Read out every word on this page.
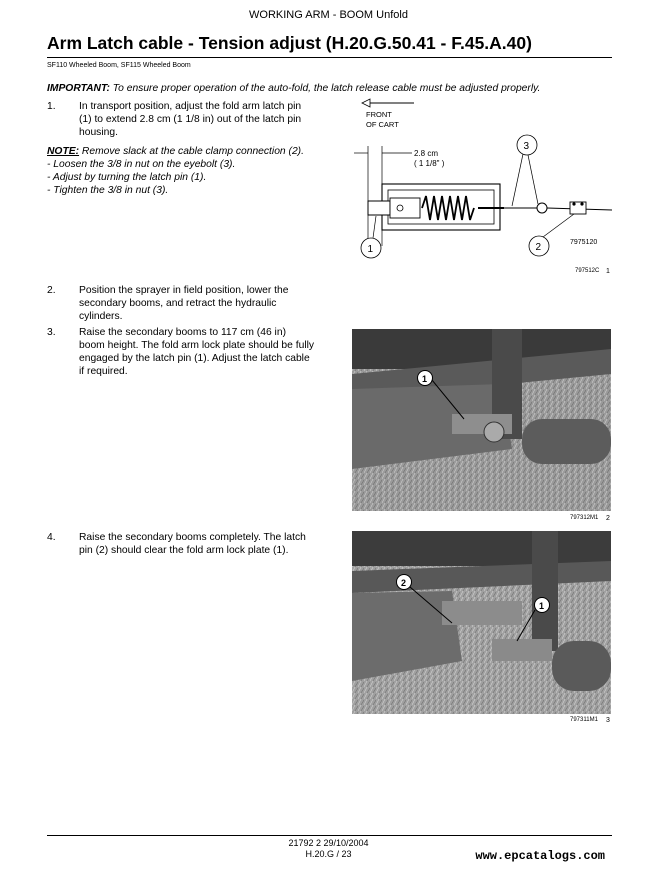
WORKING ARM - BOOM Unfold
Arm Latch cable - Tension adjust (H.20.G.50.41 - F.45.A.40)
SF110 Wheeled Boom, SF115 Wheeled Boom
IMPORTANT: To ensure proper operation of the auto-fold, the latch release cable must be adjusted properly.
1. In transport position, adjust the fold arm latch pin
(1) to extend 2.8 cm (1 1/8 in) out of the latch pin
housing.
NOTE: Remove slack at the cable clamp connection (2).
- Loosen the 3/8 in nut on the eyebolt (3).
- Adjust by turning the latch pin (1).
- Tighten the 3/8 in nut (3).
FRONT
OF CART
2.8 cm
( 1 1/8" )
3
1	2	7975120
797512C 1
2. Position the sprayer in field position, lower the
secondary booms, and retract the hydraulic
cylinders.
3. Raise the secondary booms to 117 cm (46 in)
boom height. The fold arm lock plate should be fully
engaged by the latch pin (1). Adjust the latch cable
if required.
1
797312M1 2
4. Raise the secondary booms completely. The latch
pin (2) should clear the fold arm lock plate (1).
2
1
797311M1 3
21792 2 29/10/2004
H.20.G / 23	www.epcatalogs.com
